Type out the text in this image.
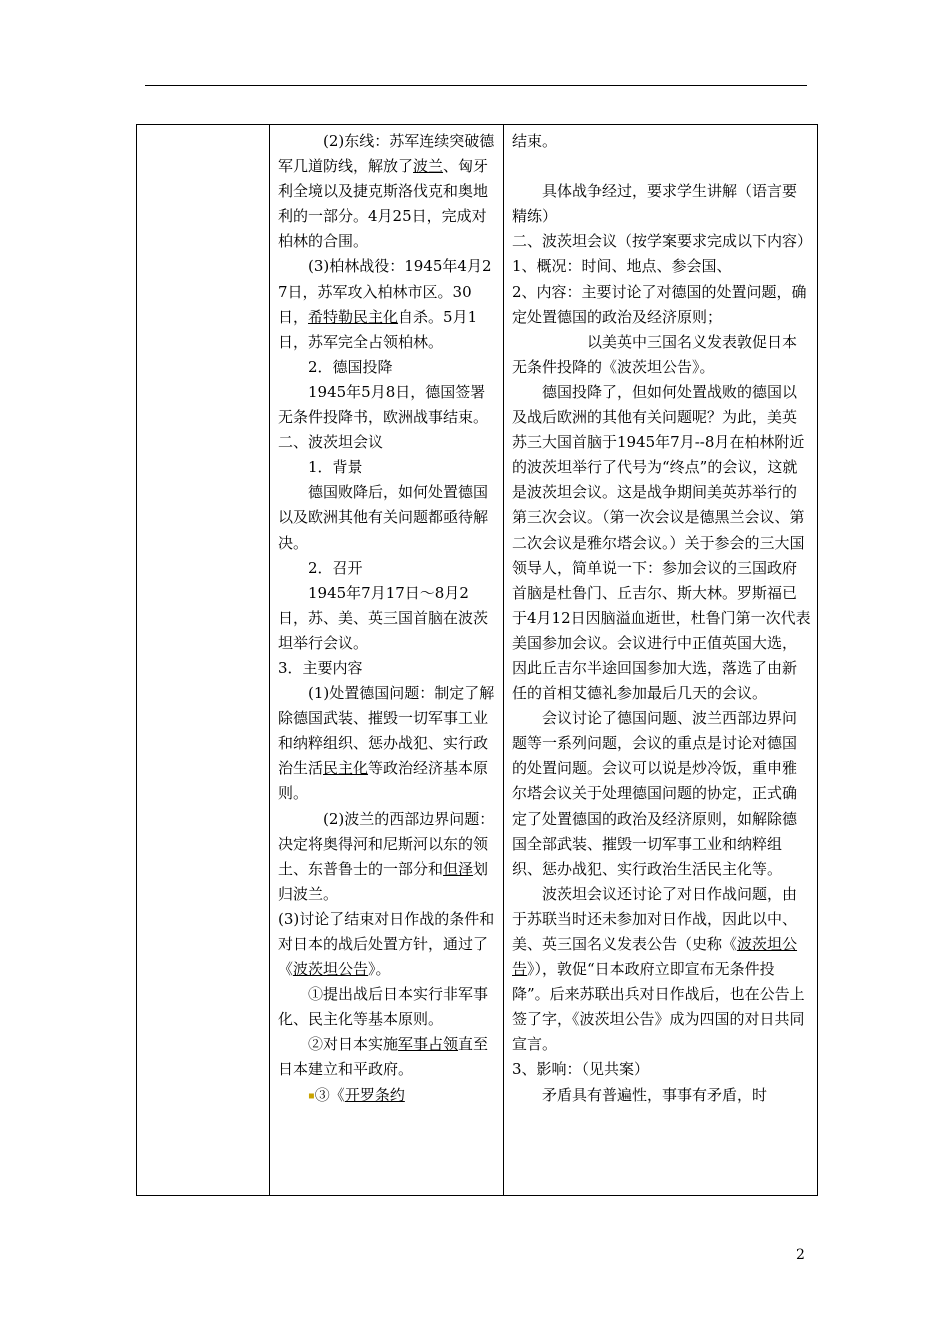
　　　(2)东线：苏军连续突破德军几道防线，解放了波兰、匈牙利全境以及捷克斯洛伐克和奥地利的一部分。4月25日，完成对柏林的合围。

　　(3)柏林战役：1945年4月27日，苏军攻入柏林市区。30日，希特勒民主化自杀。5月1日，苏军完全占领柏林。

　　2．德国投降

　　1945年5月8日，德国签署无条件投降书，欧洲战事结束。

二、波茨坦会议

　　1．背景

　　德国败降后，如何处置德国以及欧洲其他有关问题都亟待解决。

　　2．召开

　　1945年7月17日～8月2日，苏、美、英三国首脑在波茨坦举行会议。

3．主要内容

　　(1)处置德国问题：制定了解除德国武装、摧毁一切军事工业和纳粹组织、惩办战犯、实行政治生活民主化等政治经济基本原则。

　　　(2)波兰的西部边界问题：决定将奥得河和尼斯河以东的领土、东普鲁士的一部分和但泽划归波兰。

(3)讨论了结束对日作战的条件和对日本的战后处置方针，通过了《波茨坦公告》。

　　①提出战后日本实行非军事化、民主化等基本原则。

　　②对日本实施军事占领直至日本建立和平政府。

　　▪③《开罗条约

结束。

　　具体战争经过，要求学生讲解（语言要精练）

二、波茨坦会议（按学案要求完成以下内容）

1、概况：时间、地点、参会国、

2、内容：主要讨论了对德国的处置问题，确定处置德国的政治及经济原则；

以美英中三国名义发表敦促日本无条件投降的《波茨坦公告》。

　　德国投降了，但如何处置战败的德国以及战后欧洲的其他有关问题呢？为此，美英苏三大国首脑于1945年7月--8月在柏林附近的波茨坦举行了代号为“终点”的会议，这就是波茨坦会议。这是战争期间美英苏举行的第三次会议。（第一次会议是德黑兰会议、第二次会议是雅尔塔会议。）关于参会的三大国领导人，简单说一下：参加会议的三国政府首脑是杜鲁门、丘吉尔、斯大林。罗斯福已于4月12日因脑溢血逝世，杜鲁门第一次代表美国参加会议。会议进行中正值英国大选，因此丘吉尔半途回国参加大选，落选了由新任的首相艾德礼参加最后几天的会议。

　　会议讨论了德国问题、波兰西部边界问题等一系列问题，会议的重点是讨论对德国的处置问题。会议可以说是炒冷饭，重申雅尔塔会议关于处理德国问题的协定，正式确定了处置德国的政治及经济原则，如解除德国全部武装、摧毁一切军事工业和纳粹组织、惩办战犯、实行政治生活民主化等。

　　波茨坦会议还讨论了对日作战问题，由于苏联当时还未参加对日作战，因此以中、美、英三国名义发表公告（史称《波茨坦公告》），敦促“日本政府立即宣布无条件投降”。后来苏联出兵对日作战后，也在公告上签了字，《波茨坦公告》成为四国的对日共同宣言。

3、影响：（见共案）

　　矛盾具有普遍性，事事有矛盾，时

2
